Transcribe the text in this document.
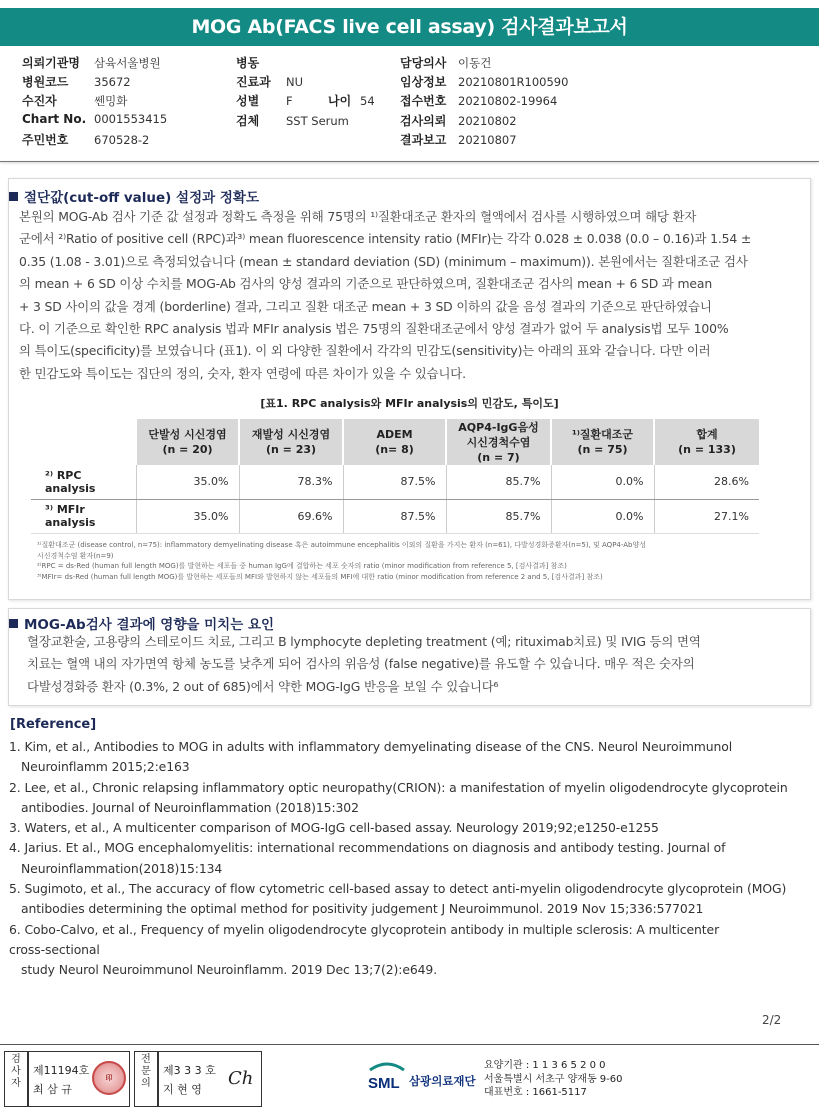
MOG Ab(FACS live cell assay) 검사결과보고서
의뢰기관명 삼육서울병원
병원코드 35672
수진자	쎈밍화
Chart No. 0001553415
주민번호 670528-2
병동
진료과 NU
성별 F	나이 54
검체 SST Serum
담당의사 이동건
임상정보 20210801R100590
접수번호 20210802-19964
검사의뢰 20210802
결과보고 20210807
절단값(cut-off value) 설정과 정확도
본원의 MOG-Ab 검사 기준 값 설정과 정확도 측정을 위해 75명의 ¹⁾질환대조군 환자의 혈액에서 검사를 시행하였으며 해당 환자
군에서 ²⁾Ratio of positive cell (RPC)과³⁾ mean fluorescence intensity ratio (MFIr)는 각각 0.028 ± 0.038 (0.0 – 0.16)과 1.54 ±
0.35 (1.08 - 3.01)으로 측정되었습니다 (mean ± standard deviation (SD) (minimum – maximum)). 본원에서는 질환대조군 검사
의 mean + 6 SD 이상 수치를 MOG-Ab 검사의 양성 결과의 기준으로 판단하였으며, 질환대조군 검사의 mean + 6 SD 과 mean
+ 3 SD 사이의 값을 경계 (borderline) 결과, 그리고 질환 대조군 mean + 3 SD 이하의 값을 음성 결과의 기준으로 판단하였습니
다. 이 기준으로 확인한 RPC analysis 법과 MFIr analysis 법은 75명의 질환대조군에서 양성 결과가 없어 두 analysis법 모두 100%
의 특이도(specificity)를 보였습니다 (표1). 이 외 다양한 질환에서 각각의 민감도(sensitivity)는 아래의 표와 같습니다. 다만 이러
한 민감도와 특이도는 집단의 정의, 숫자, 환자 연령에 따른 차이가 있을 수 있습니다.
[표1. RPC analysis와 MFIr analysis의 민감도, 특이도]
	단발성 시신경염
(n = 20)	재발성 시신경염
(n = 23)	ADEM
(n= 8)	AQP4-IgG음성
시신경척수염
(n = 7)	¹⁾질환대조군
(n = 75)	합계
(n = 133)
²⁾ RPC analysis	35.0%	78.3%	87.5%	85.7%	0.0%	28.6%
³⁾ MFIr analysis	35.0%	69.6%	87.5%	85.7%	0.0%	27.1%
¹⁾질환대조군 (disease control, n=75): inflammatory demyelinating disease 혹은 autoimmune encephalitis 이외의 질환을 가지는 환자 (n=61), 다발성경화증환자(n=5), 및 AQP4-Ab양성
시신경척수염 환자(n=9)
²⁾RPC = ds-Red (human full length MOG)를 발현하는 세포들 중 human IgG에 결합하는 세포 숫자의 ratio (minor modification from reference 5, [검사결과] 참조)
³⁾MFIr= ds-Red (human full length MOG)를 발현하는 세포들의 MFI와 발현하지 않는 세포들의 MFI에 대한 ratio (minor modification from reference 2 and 5, [검사결과] 참조)
MOG-Ab검사 결과에 영향을 미치는 요인
혈장교환술, 고용량의 스테로이드 치료, 그리고 B lymphocyte depleting treatment (예; rituximab치료) 및 IVIG 등의 면역
치료는 혈액 내의 자가면역 항체 농도를 낮추게 되어 검사의 위음성 (false negative)를 유도할 수 있습니다. 매우 적은 숫자의
다발성경화증 환자 (0.3%, 2 out of 685)에서 약한 MOG-IgG 반응을 보일 수 있습니다⁶
[Reference]
1. Kim, et al., Antibodies to MOG in adults with inflammatory demyelinating disease of the CNS. Neurol Neuroimmunol
Neuroinflamm 2015;2:e163
2. Lee, et al., Chronic relapsing inflammatory optic neuropathy(CRION): a manifestation of myelin oligodendrocyte glycoprotein
antibodies. Journal of Neuroinflammation (2018)15:302
3. Waters, et al., A multicenter comparison of MOG-IgG cell-based assay. Neurology 2019;92;e1250-e1255
4. Jarius. Et al., MOG encephalomyelitis: international recommendations on diagnosis and antibody testing. Journal of
Neuroinflammation(2018)15:134
5. Sugimoto, et al., The accuracy of flow cytometric cell-based assay to detect anti-myelin oligodendrocyte glycoprotein (MOG)
antibodies determining the optimal method for positivity judgement J Neuroimmunol. 2019 Nov 15;336:577021
6. Cobo-Calvo, et al., Frequency of myelin oligodendrocyte glycoprotein antibody in multiple sclerosis: A multicenter
cross-sectional
study Neurol Neuroimmunol Neuroinflamm. 2019 Dec 13;7(2):e649.
2/2
검사자
제11194호
최 삼 규
印
전문의
제3 3 3 호
지 현 영
Ch	SML 삼광의료재단
요양기관 : 1 1 3 6 5 2 0 0
서울특별시 서초구 양재동 9-60
대표번호 : 1661-5117
